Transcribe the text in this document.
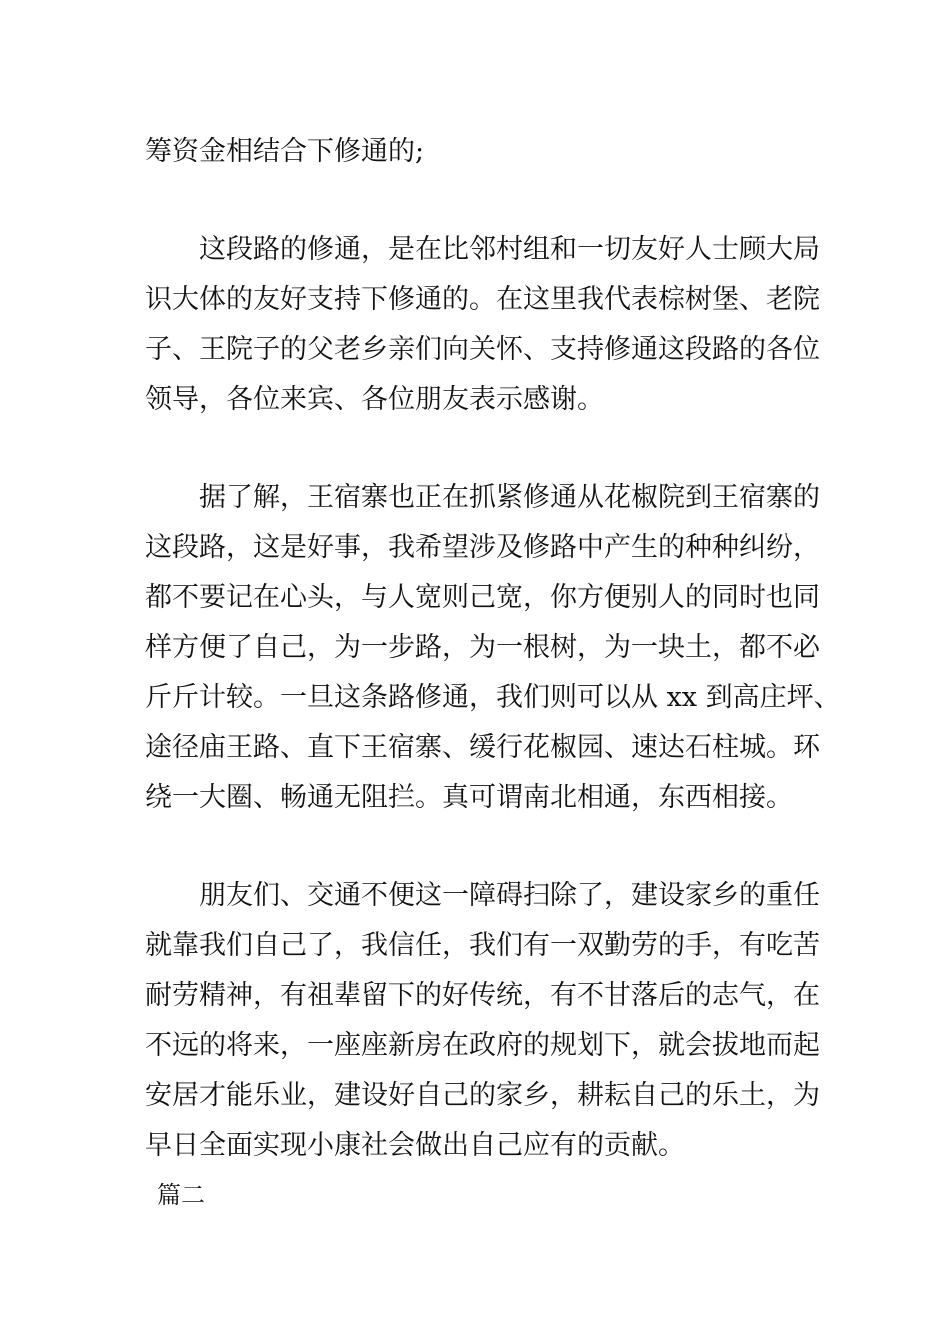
筹资金相结合下修通的;
　　这段路的修通，是在比邻村组和一切友好人士顾大局
识大体的友好支持下修通的。在这里我代表棕树堡、老院
子、王院子的父老乡亲们向关怀、支持修通这段路的各位
领导，各位来宾、各位朋友表示感谢。
　　据了解，王宿寨也正在抓紧修通从花椒院到王宿寨的
这段路，这是好事，我希望涉及修路中产生的种种纠纷，
都不要记在心头，与人宽则己宽，你方便别人的同时也同
样方便了自己，为一步路，为一根树，为一块土，都不必
斤斤计较。一旦这条路修通，我们则可以从 xx 到高庄坪、
途径庙王路、直下王宿寨、缓行花椒园、速达石柱城。环
绕一大圈、畅通无阻拦。真可谓南北相通，东西相接。
　　朋友们、交通不便这一障碍扫除了，建设家乡的重任
就靠我们自己了，我信任，我们有一双勤劳的手，有吃苦
耐劳精神，有祖辈留下的好传统，有不甘落后的志气，在
不远的将来，一座座新房在政府的规划下，就会拔地而起
安居才能乐业，建设好自己的家乡，耕耘自己的乐土，为
早日全面实现小康社会做出自己应有的贡献。
篇二
